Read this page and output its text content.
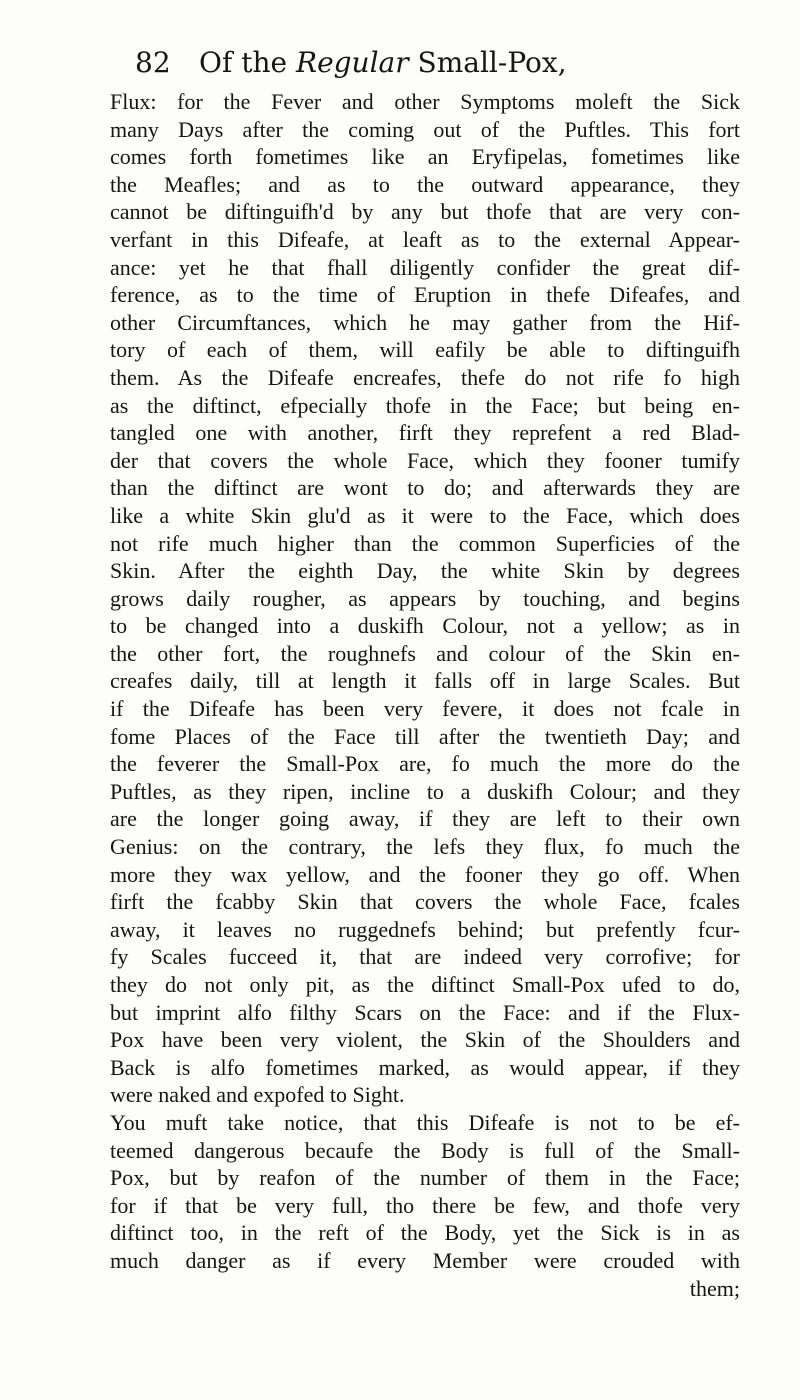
82 Of the Regular Small-Pox,
Flux: for the Fever and other Symptoms moleft the Sick
many Days after the coming out of the Puftles. This fort
comes forth fometimes like an Eryfipelas, fometimes like
the Meafles; and as to the outward appearance, they
cannot be diftinguifh'd by any but thofe that are very con-
verfant in this Difeafe, at leaft as to the external Appear-
ance: yet he that fhall diligently confider the great dif-
ference, as to the time of Eruption in thefe Difeafes, and
other Circumftances, which he may gather from the Hif-
tory of each of them, will eafily be able to diftinguifh
them. As the Difeafe encreafes, thefe do not rife fo high
as the diftinct, efpecially thofe in the Face; but being en-
tangled one with another, firft they reprefent a red Blad-
der that covers the whole Face, which they fooner tumify
than the diftinct are wont to do; and afterwards they are
like a white Skin glu'd as it were to the Face, which does
not rife much higher than the common Superficies of the
Skin. After the eighth Day, the white Skin by degrees
grows daily rougher, as appears by touching, and begins
to be changed into a duskifh Colour, not a yellow; as in
the other fort, the roughnefs and colour of the Skin en-
creafes daily, till at length it falls off in large Scales. But
if the Difeafe has been very fevere, it does not fcale in
fome Places of the Face till after the twentieth Day; and
the feverer the Small-Pox are, fo much the more do the
Puftles, as they ripen, incline to a duskifh Colour; and they
are the longer going away, if they are left to their own
Genius: on the contrary, the lefs they flux, fo much the
more they wax yellow, and the fooner they go off. When
firft the fcabby Skin that covers the whole Face, fcales
away, it leaves no ruggednefs behind; but prefently fcur-
fy Scales fucceed it, that are indeed very corrofive; for
they do not only pit, as the diftinct Small-Pox ufed to do,
but imprint alfo filthy Scars on the Face: and if the Flux-
Pox have been very violent, the Skin of the Shoulders and
Back is alfo fometimes marked, as would appear, if they
were naked and expofed to Sight.
You muft take notice, that this Difeafe is not to be ef-
teemed dangerous becaufe the Body is full of the Small-
Pox, but by reafon of the number of them in the Face;
for if that be very full, tho there be few, and thofe very
diftinct too, in the reft of the Body, yet the Sick is in as
much danger as if every Member were crouded with
them;
